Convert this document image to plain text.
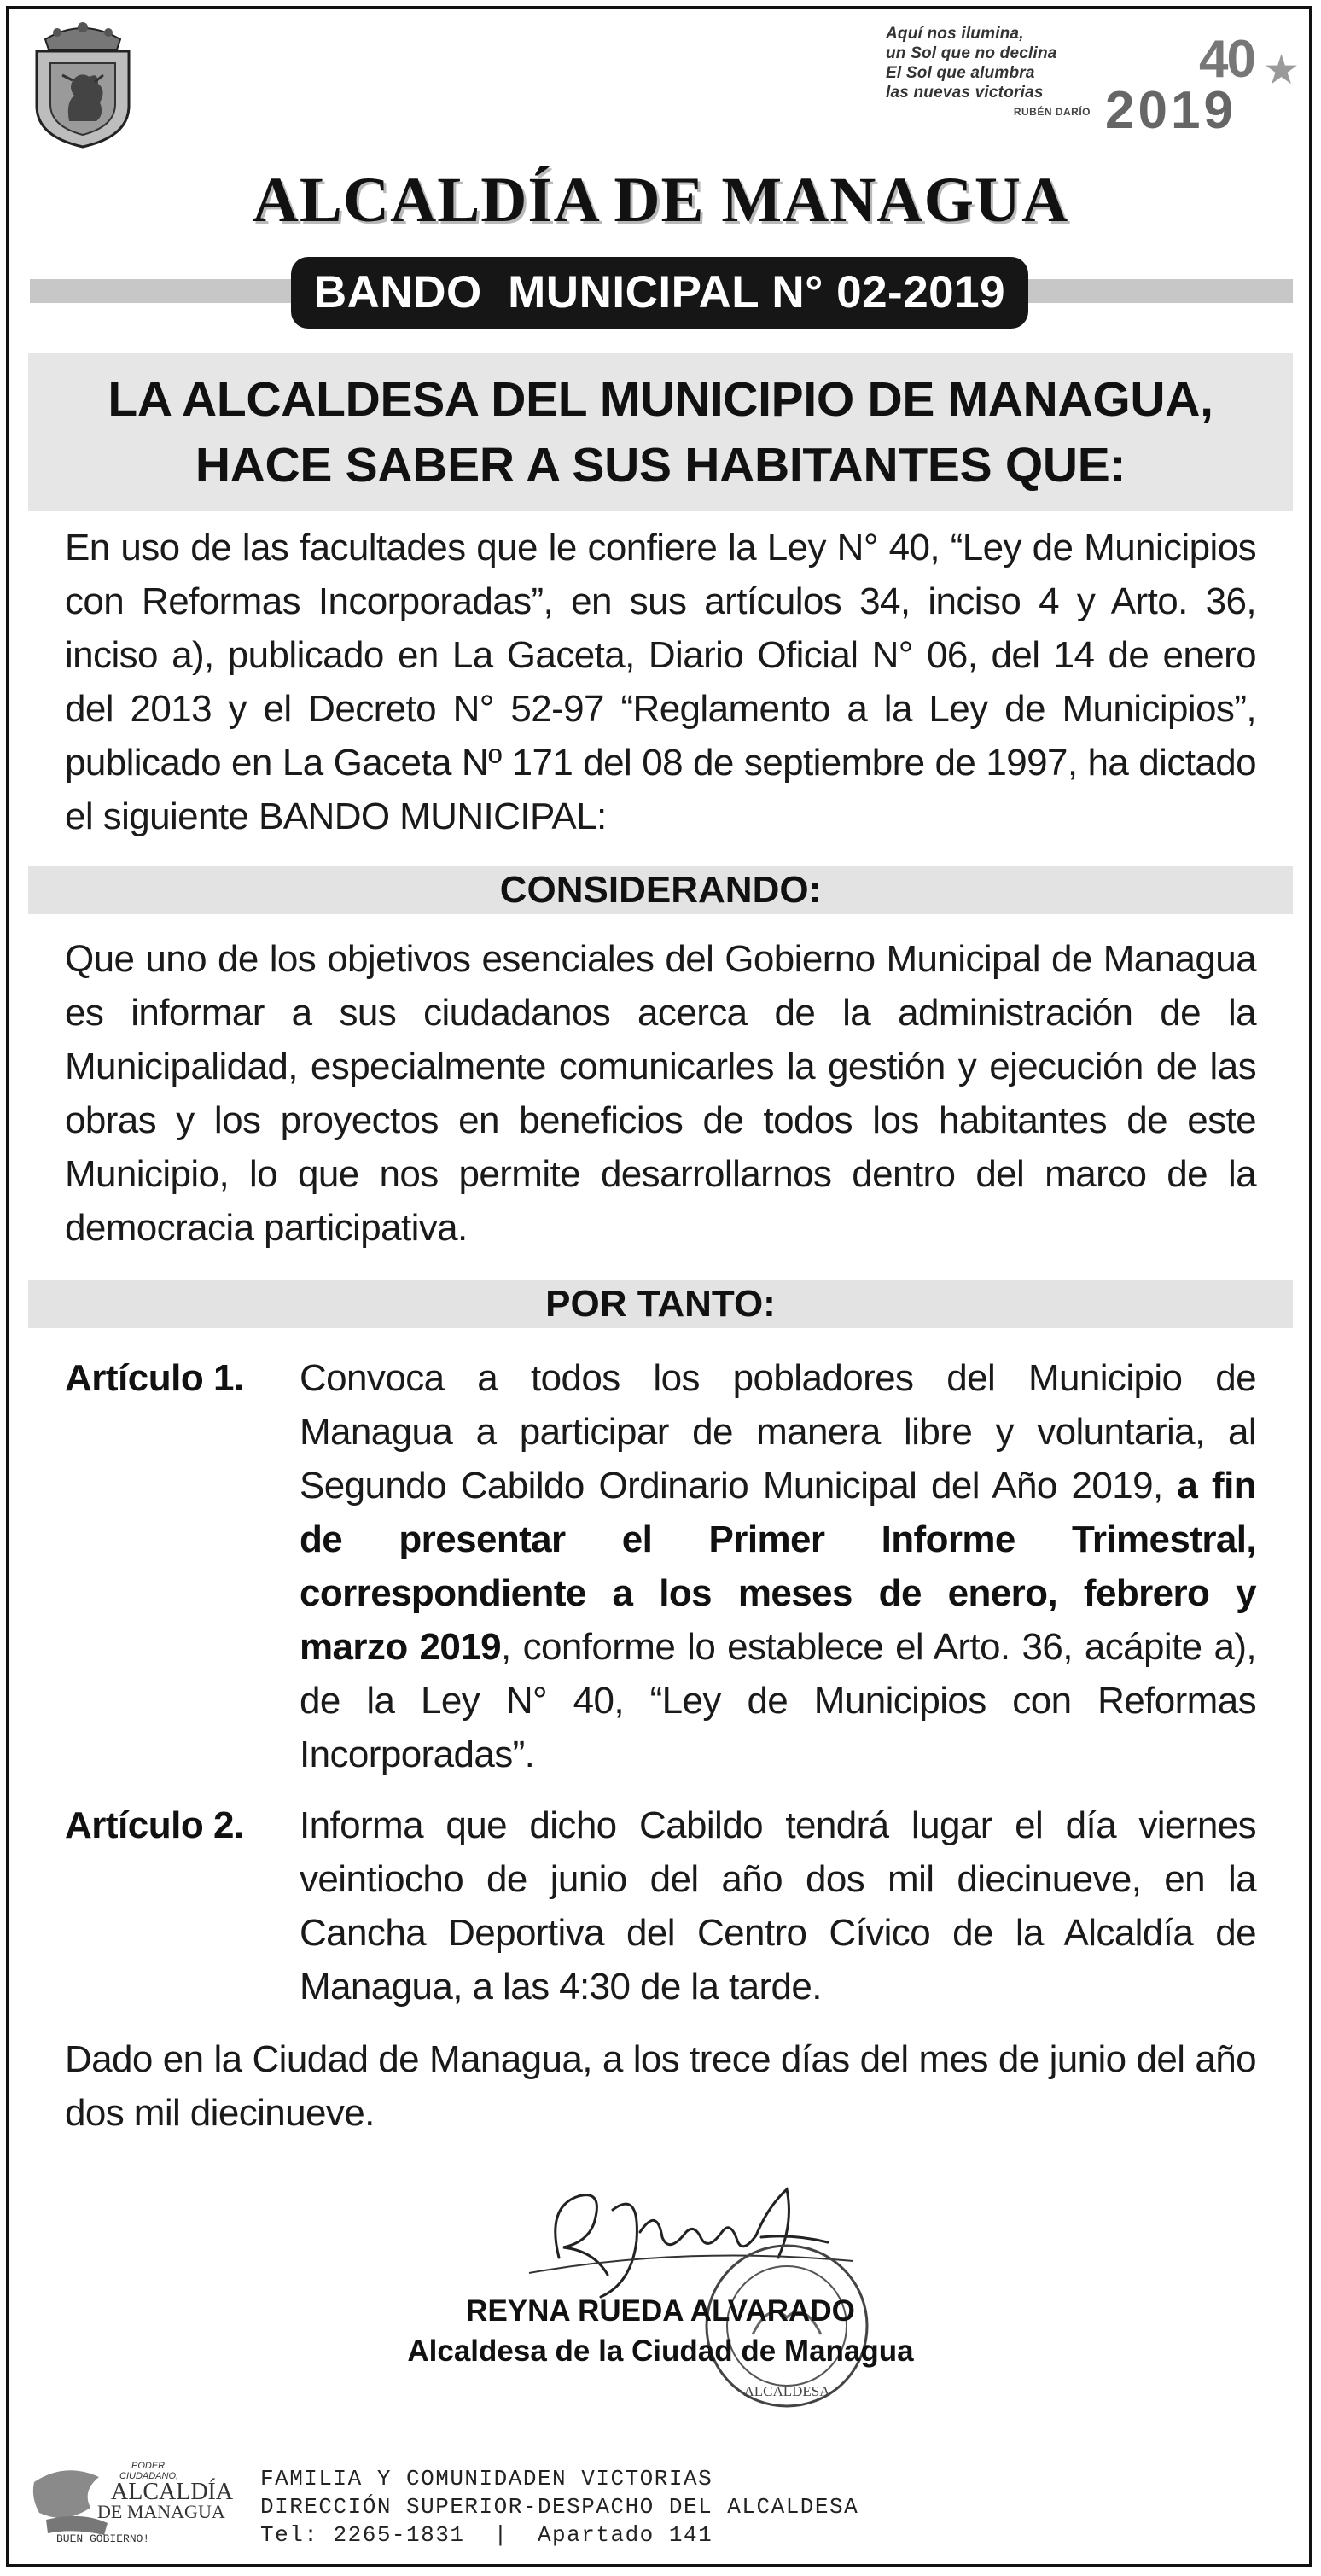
Aquí nos ilumina,
un Sol que no declina
El Sol que alumbra
las nuevas victorias
RUBÉN DARÍO
40 ★
2019
ALCALDÍA DE MANAGUA
BANDO  MUNICIPAL N° 02-2019
LA ALCALDESA DEL MUNICIPIO DE MANAGUA,
HACE SABER A SUS HABITANTES QUE:
En uso de las facultades que le confiere la Ley N° 40, “Ley de Municipios con Reformas Incorporadas”, en sus artículos 34, inciso 4 y Arto. 36, inciso a), publicado en La Gaceta, Diario Oficial N° 06, del 14 de enero del 2013 y el Decreto N° 52-97 “Reglamento a la Ley de Municipios”, publicado en La Gaceta Nº 171 del 08 de septiembre de 1997, ha dictado el siguiente BANDO MUNICIPAL:
CONSIDERANDO:
Que uno de los objetivos esenciales del Gobierno Municipal de Managua es informar a sus ciudadanos acerca de la administración de la Municipalidad, especialmente comunicarles la gestión y ejecución de las obras y los proyectos en beneficios de todos los habitantes de este Municipio, lo que nos permite desarrollarnos dentro del marco de la democracia participativa.
POR TANTO:
Artículo 1. Convoca a todos los pobladores del Municipio de Managua a participar de manera libre y voluntaria, al Segundo Cabildo Ordinario Municipal del Año 2019, a fin de presentar el Primer Informe Trimestral, correspondiente a los meses de enero, febrero y marzo 2019, conforme lo establece el Arto. 36, acápite a), de la Ley N° 40, “Ley de Municipios con Reformas Incorporadas”.
Artículo 2. Informa que dicho Cabildo tendrá lugar el día viernes veintiocho de junio del año dos mil diecinueve, en la Cancha Deportiva del Centro Cívico de la Alcaldía de Managua, a las 4:30 de la tarde.
Dado en la Ciudad de Managua, a los trece días del mes de junio del año dos mil diecinueve.
ALCALDESA
REYNA RUEDA ALVARADO
Alcaldesa de la Ciudad de Managua
PODER
CIUDADANO,
ALCALDÍA
DE MANAGUA
BUEN GOBIERNO!
FAMILIA Y COMUNIDADEN VICTORIAS
DIRECCIÓN SUPERIOR-DESPACHO DEL ALCALDESA
Tel: 2265-1831  |  Apartado 141
